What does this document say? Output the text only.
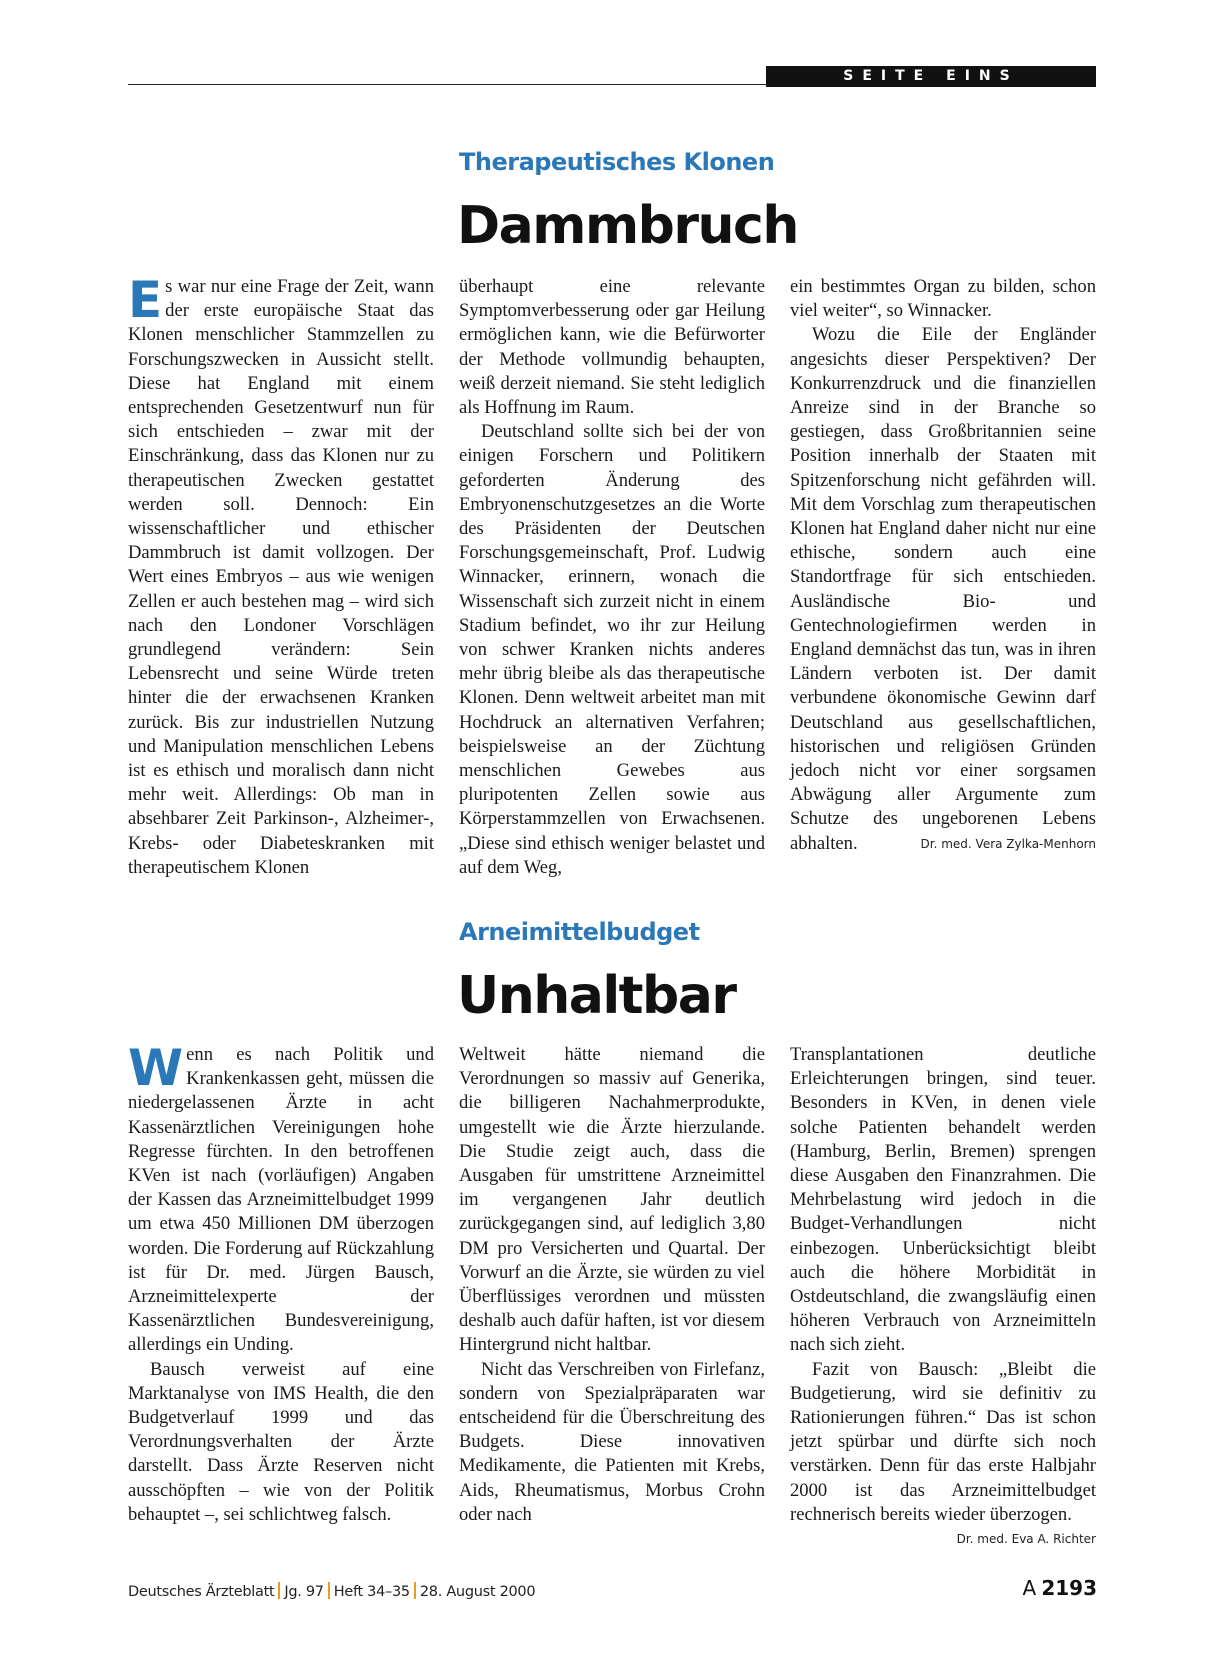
SEITE EINS
Therapeutisches Klonen
Dammbruch

Es war nur eine Frage der Zeit, wann der erste europäische Staat das Klonen menschlicher Stammzellen zu Forschungszwecken in Aussicht stellt. Diese hat England mit einem entsprechenden Gesetzentwurf nun für sich entschieden – zwar mit der Einschränkung, dass das Klonen nur zu therapeutischen Zwecken gestattet werden soll. Dennoch: Ein wissenschaftlicher und ethischer Dammbruch ist damit vollzogen. Der Wert eines Embryos – aus wie wenigen Zellen er auch bestehen mag – wird sich nach den Londoner Vorschlägen grundlegend verändern: Sein Lebensrecht und seine Würde treten hinter die der erwachsenen Kranken zurück. Bis zur industriellen Nutzung und Manipulation menschlichen Lebens ist es ethisch und moralisch dann nicht mehr weit. Allerdings: Ob man in absehbarer Zeit Parkinson-, Alzheimer-, Krebs- oder Diabeteskranken mit therapeutischem Klonen

überhaupt eine relevante Symptomverbesserung oder gar Heilung ermöglichen kann, wie die Befürworter der Methode vollmundig behaupten, weiß derzeit niemand. Sie steht lediglich als Hoffnung im Raum.

Deutschland sollte sich bei der von einigen Forschern und Politikern geforderten Änderung des Embryonenschutzgesetzes an die Worte des Präsidenten der Deutschen Forschungsgemeinschaft, Prof. Ludwig Winnacker, erinnern, wonach die Wissenschaft sich zurzeit nicht in einem Stadium befindet, wo ihr zur Heilung von schwer Kranken nichts anderes mehr übrig bleibe als das therapeutische Klonen. Denn weltweit arbeitet man mit Hochdruck an alternativen Verfahren; beispielsweise an der Züchtung menschlichen Gewebes aus pluripotenten Zellen sowie aus Körperstammzellen von Erwachsenen. „Diese sind ethisch weniger belastet und auf dem Weg,

ein bestimmtes Organ zu bilden, schon viel weiter“, so Winnacker.

Wozu die Eile der Engländer angesichts dieser Perspektiven? Der Konkurrenzdruck und die finanziellen Anreize sind in der Branche so gestiegen, dass Großbritannien seine Position innerhalb der Staaten mit Spitzenforschung nicht gefährden will. Mit dem Vorschlag zum therapeutischen Klonen hat England daher nicht nur eine ethische, sondern auch eine Standortfrage für sich entschieden. Ausländische Bio- und Gentechnologiefirmen werden in England demnächst das tun, was in ihren Ländern verboten ist. Der damit verbundene ökonomische Gewinn darf Deutschland aus gesellschaftlichen, historischen und religiösen Gründen jedoch nicht vor einer sorgsamen Abwägung aller Argumente zum Schutze des ungeborenen Lebens abhalten.	Dr. med. Vera Zylka-Menhorn

Arneimittelbudget
Unhaltbar

Wenn es nach Politik und Krankenkassen geht, müssen die niedergelassenen Ärzte in acht Kassenärztlichen Vereinigungen hohe Regresse fürchten. In den betroffenen KVen ist nach (vorläufigen) Angaben der Kassen das Arzneimittelbudget 1999 um etwa 450 Millionen DM überzogen worden. Die Forderung auf Rückzahlung ist für Dr. med. Jürgen Bausch, Arzneimittelexperte der Kassenärztlichen Bundesvereinigung, allerdings ein Unding.

Bausch verweist auf eine Marktanalyse von IMS Health, die den Budgetverlauf 1999 und das Verordnungsverhalten der Ärzte darstellt. Dass Ärzte Reserven nicht ausschöpften – wie von der Politik behauptet –, sei schlichtweg falsch.

Weltweit hätte niemand die Verordnungen so massiv auf Generika, die billigeren Nachahmerprodukte, umgestellt wie die Ärzte hierzulande. Die Studie zeigt auch, dass die Ausgaben für umstrittene Arzneimittel im vergangenen Jahr deutlich zurückgegangen sind, auf lediglich 3,80 DM pro Versicherten und Quartal. Der Vorwurf an die Ärzte, sie würden zu viel Überflüssiges verordnen und müssten deshalb auch dafür haften, ist vor diesem Hintergrund nicht haltbar.

Nicht das Verschreiben von Firlefanz, sondern von Spezialpräparaten war entscheidend für die Überschreitung des Budgets. Diese innovativen Medikamente, die Patienten mit Krebs, Aids, Rheumatismus, Morbus Crohn oder nach

Transplantationen deutliche Erleichterungen bringen, sind teuer. Besonders in KVen, in denen viele solche Patienten behandelt werden (Hamburg, Berlin, Bremen) sprengen diese Ausgaben den Finanzrahmen. Die Mehrbelastung wird jedoch in die Budget-Verhandlungen nicht einbezogen. Unberücksichtigt bleibt auch die höhere Morbidität in Ostdeutschland, die zwangsläufig einen höheren Verbrauch von Arzneimitteln nach sich zieht.

Fazit von Bausch: „Bleibt die Budgetierung, wird sie definitiv zu Rationierungen führen.“ Das ist schon jetzt spürbar und dürfte sich noch verstärken. Denn für das erste Halbjahr 2000 ist das Arzneimittelbudget rechnerisch bereits wieder überzogen.
Dr. med. Eva A. Richter

Deutsches Ärzteblatt Jg. 97 Heft 34–35 28. August 2000	A 2193
